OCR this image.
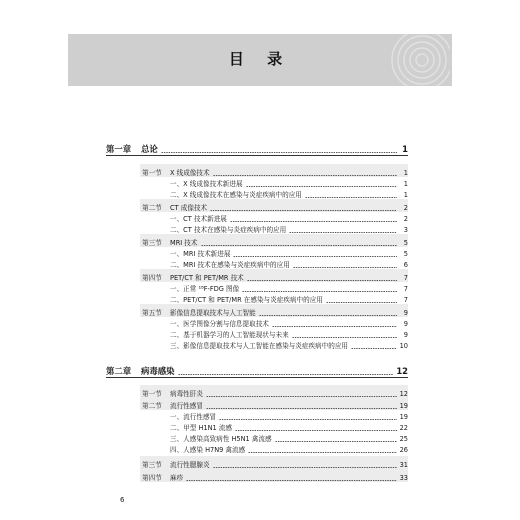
目 录
第一章	总论	1
第一节	X 线成像技术	1
一、X 线成像技术新进展	1
二、X 线成像技术在感染与炎症疾病中的应用	1
第二节	CT 成像技术	2
一、CT 技术新进展	2
二、CT 技术在感染与炎症疾病中的应用	3
第三节	MRI 技术	5
一、MRI 技术新进展	5
二、MRI 技术在感染与炎症疾病中的应用	6
第四节	PET/CT 和 PET/MR 技术	7
一、正常 ¹⁸F-FDG 图像	7
二、PET/CT 和 PET/MR 在感染与炎症疾病中的应用	7
第五节	影像信息提取技术与人工智能	9
一、医学图像分割与信息提取技术	9
二、基于机器学习的人工智能现状与未来	9
三、影像信息提取技术与人工智能在感染与炎症疾病中的应用	10
第二章	病毒感染	12
第一节	病毒性肝炎	12
第二节	流行性感冒	19
一、流行性感冒	19
二、甲型 H1N1 流感	22
三、人感染高致病性 H5N1 禽流感	25
四、人感染 H7N9 禽流感	26
第三节	流行性腮腺炎	31
第四节	麻疹	33
6
